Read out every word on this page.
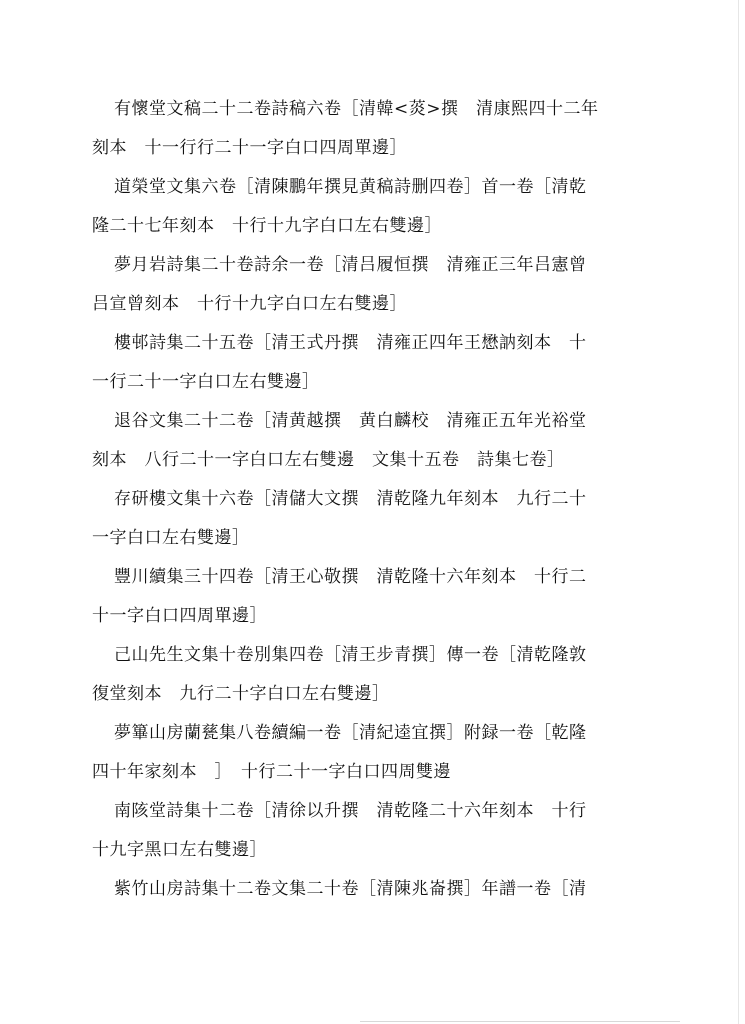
有懷堂文稿二十二卷詩稿六卷［清韓<菼>撰　清康熙四十二年
刻本　十一行行二十一字白口四周單邊］
道榮堂文集六卷［清陳鵬年撰見黄稿詩删四卷］首一卷［清乾
隆二十七年刻本　十行十九字白口左右雙邊］
夢月岩詩集二十卷詩余一卷［清吕履恒撰　清雍正三年吕憲曾
吕宣曾刻本　十行十九字白口左右雙邊］
樓邨詩集二十五卷［清王式丹撰　清雍正四年王懋訥刻本　十
一行二十一字白口左右雙邊］
退谷文集二十二卷［清黄越撰　黄白麟校　清雍正五年光裕堂
刻本　八行二十一字白口左右雙邊　文集十五卷　詩集七卷］
存研樓文集十六卷［清儲大文撰　清乾隆九年刻本　九行二十
一字白口左右雙邊］
豐川續集三十四卷［清王心敬撰　清乾隆十六年刻本　十行二
十一字白口四周單邊］
己山先生文集十卷別集四卷［清王步青撰］傳一卷［清乾隆敦
復堂刻本　九行二十字白口左右雙邊］
夢篳山房蘭甆集八卷續編一卷［清紀逵宜撰］附録一卷［乾隆
四十年家刻本　］　十行二十一字白口四周雙邊
南陔堂詩集十二卷［清徐以升撰　清乾隆二十六年刻本　十行
十九字黑口左右雙邊］
紫竹山房詩集十二卷文集二十卷［清陳兆崙撰］年譜一卷［清
